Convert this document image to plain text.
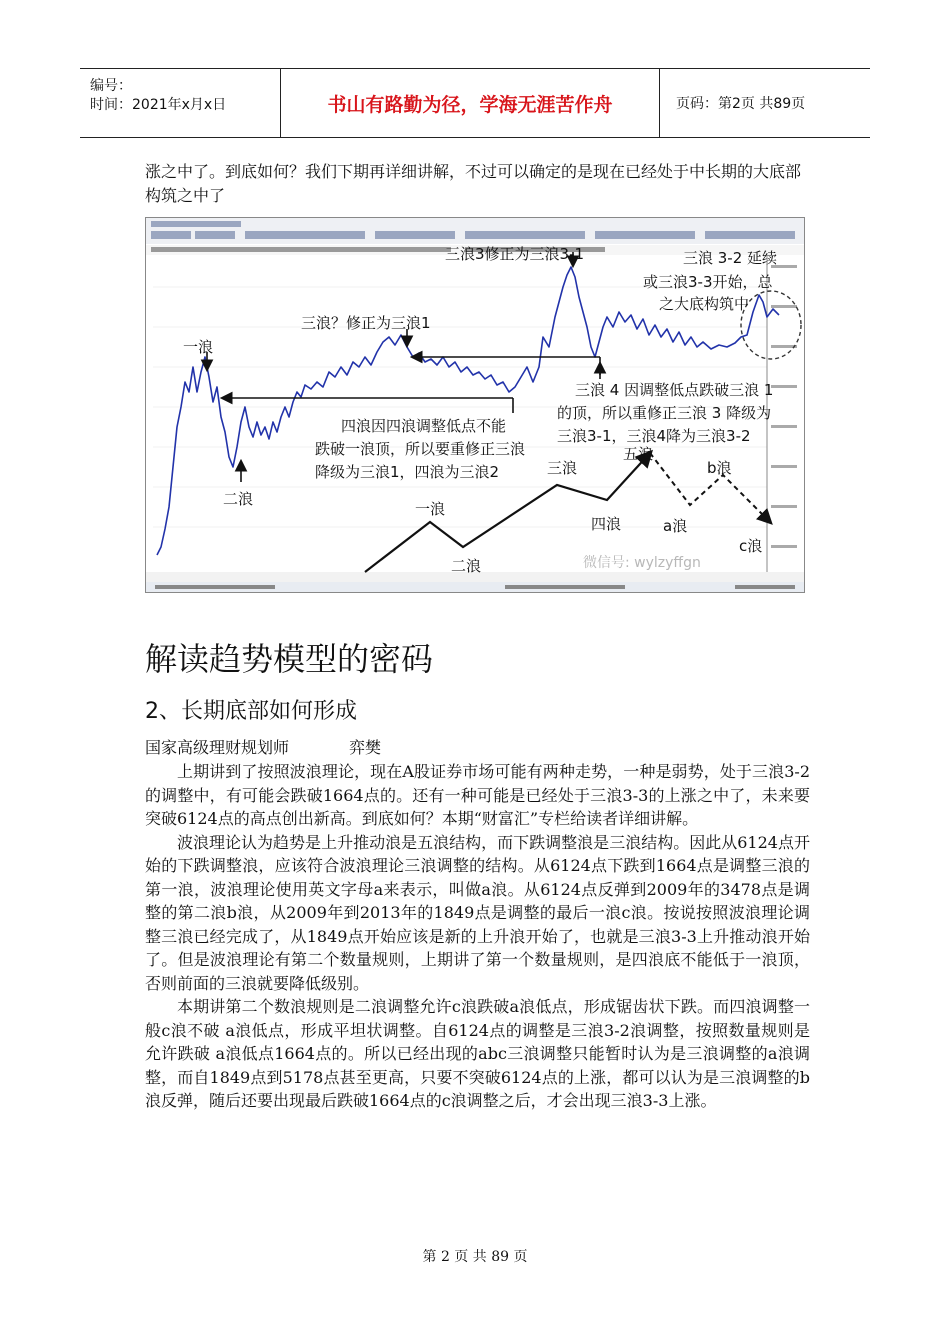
编号：
时间：2021年x月x日	书山有路勤为径，学海无涯苦作舟	页码：第2页 共89页
涨之中了。到底如何？我们下期再详细讲解，不过可以确定的是现在已经处于中长期的大底部构筑之中了
一浪
二浪
三浪？修正为三浪1
三浪3修正为三浪3-1	三浪 3-2 延续
或三浪3-3开始，总
之大底构筑中
四浪因四浪调整低点不能
跌破一浪顶，所以要重修正三浪
降级为三浪1，四浪为三浪2
三浪 4 因调整低点跌破三浪 1
的顶，所以重修正三浪 3 降级为
三浪3-1，三浪4降为三浪3-2
一浪
二浪
三浪
四浪
五浪
a浪
b浪
c浪
微信号: wylzyffgn
解读趋势模型的密码
2、长期底部如何形成
国家高级理财规划师	弈樊

上期讲到了按照波浪理论，现在A股证券市场可能有两种走势，一种是弱势，处于三浪3-2的调整中，有可能会跌破1664点的。还有一种可能是已经处于三浪3-3的上涨之中了，未来要突破6124点的高点创出新高。到底如何？本期“财富汇”专栏给读者详细讲解。

波浪理论认为趋势是上升推动浪是五浪结构，而下跌调整浪是三浪结构。因此从6124点开始的下跌调整浪，应该符合波浪理论三浪调整的结构。从6124点下跌到1664点是调整三浪的第一浪，波浪理论使用英文字母a来表示，叫做a浪。从6124点反弹到2009年的3478点是调整的第二浪b浪，从2009年到2013年的1849点是调整的最后一浪c浪。按说按照波浪理论调整三浪已经完成了，从1849点开始应该是新的上升浪开始了，也就是三浪3-3上升推动浪开始了。但是波浪理论有第二个数量规则，上期讲了第一个数量规则，是四浪底不能低于一浪顶，否则前面的三浪就要降低级别。

本期讲第二个数浪规则是二浪调整允许c浪跌破a浪低点，形成锯齿状下跌。而四浪调整一般c浪不破 a浪低点，形成平坦状调整。自6124点的调整是三浪3-2浪调整，按照数量规则是允许跌破 a浪低点1664点的。所以已经出现的abc三浪调整只能暂时认为是三浪调整的a浪调整，而自1849点到5178点甚至更高，只要不突破6124点的上涨，都可以认为是三浪调整的b浪反弹，随后还要出现最后跌破1664点的c浪调整之后，才会出现三浪3-3上涨。

第 2 页 共 89 页
